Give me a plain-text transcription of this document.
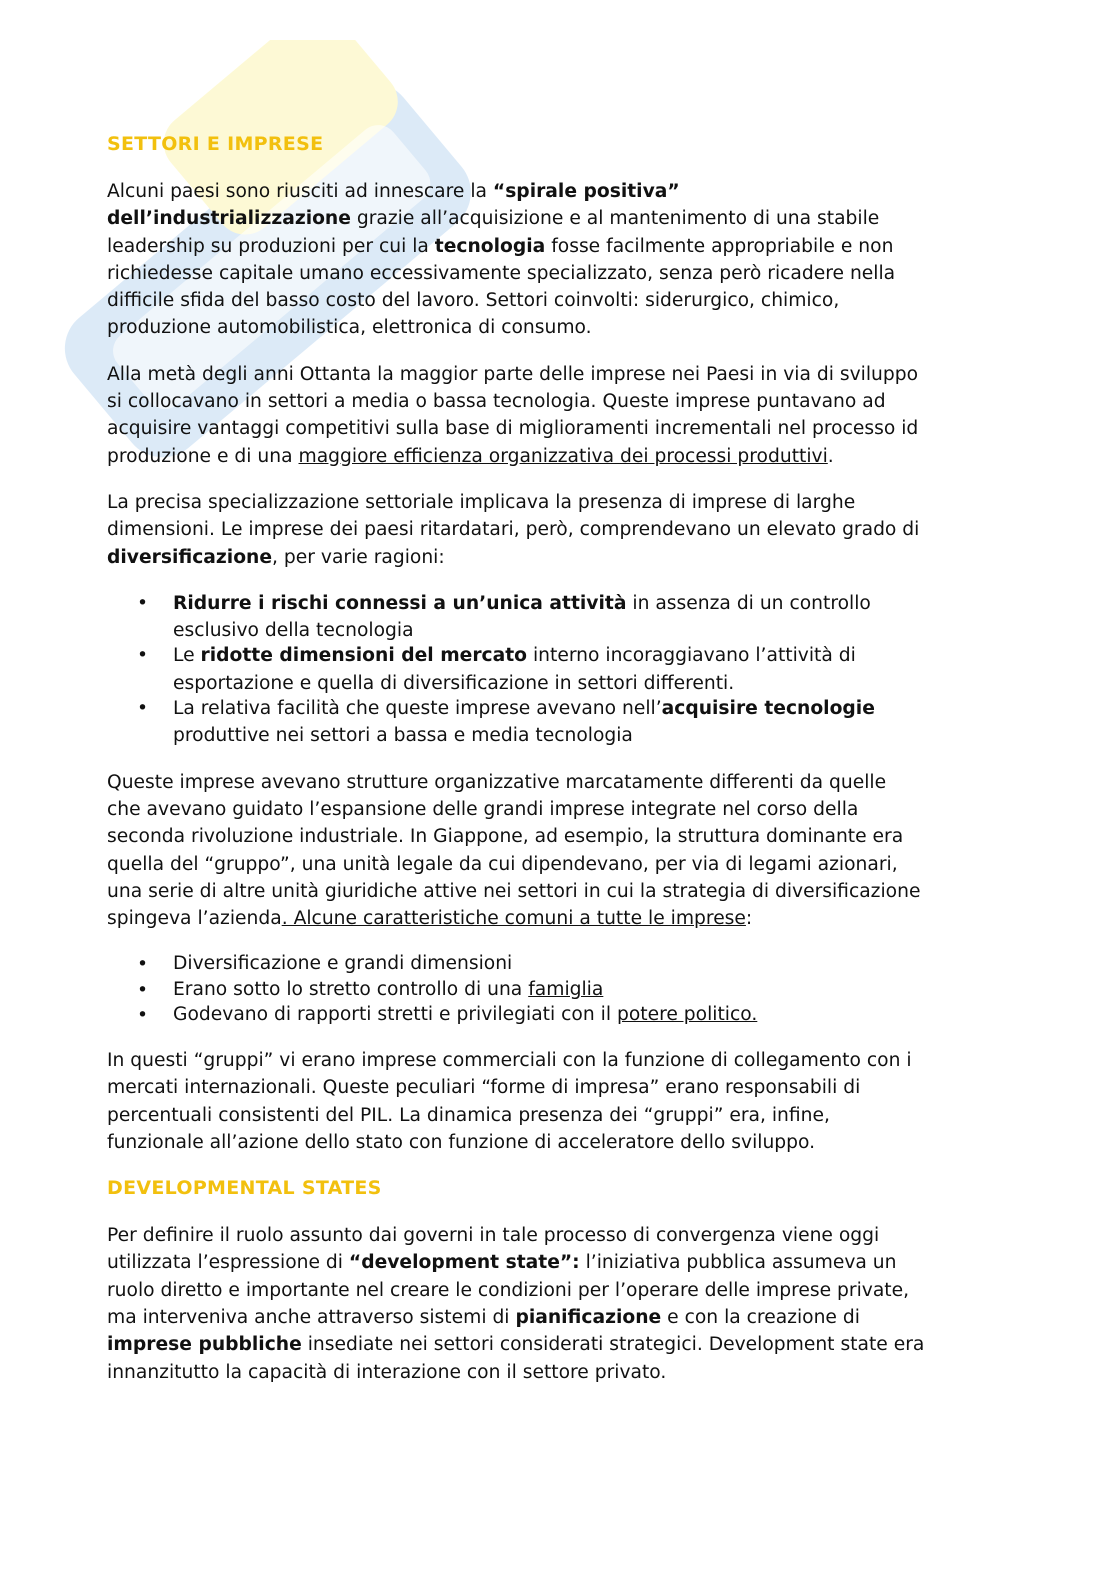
SETTORI E IMPRESE
Alcuni paesi sono riusciti ad innescare la “spirale positiva”
dell’industrializzazione grazie all’acquisizione e al mantenimento di una stabile
leadership su produzioni per cui la tecnologia fosse facilmente appropriabile e non
richiedesse capitale umano eccessivamente specializzato, senza però ricadere nella
difficile sfida del basso costo del lavoro. Settori coinvolti: siderurgico, chimico,
produzione automobilistica, elettronica di consumo.
Alla metà degli anni Ottanta la maggior parte delle imprese nei Paesi in via di sviluppo
si collocavano in settori a media o bassa tecnologia. Queste imprese puntavano ad
acquisire vantaggi competitivi sulla base di miglioramenti incrementali nel processo id
produzione e di una maggiore efficienza organizzativa dei processi produttivi.
La precisa specializzazione settoriale implicava la presenza di imprese di larghe
dimensioni. Le imprese dei paesi ritardatari, però, comprendevano un elevato grado di
diversificazione, per varie ragioni:
• Ridurre i rischi connessi a un’unica attività in assenza di un controllo
esclusivo della tecnologia
• Le ridotte dimensioni del mercato interno incoraggiavano l’attività di
esportazione e quella di diversificazione in settori differenti.
• La relativa facilità che queste imprese avevano nell’acquisire tecnologie
produttive nei settori a bassa e media tecnologia
Queste imprese avevano strutture organizzative marcatamente differenti da quelle
che avevano guidato l’espansione delle grandi imprese integrate nel corso della
seconda rivoluzione industriale. In Giappone, ad esempio, la struttura dominante era
quella del “gruppo”, una unità legale da cui dipendevano, per via di legami azionari,
una serie di altre unità giuridiche attive nei settori in cui la strategia di diversificazione
spingeva l’azienda. Alcune caratteristiche comuni a tutte le imprese:
• Diversificazione e grandi dimensioni
• Erano sotto lo stretto controllo di una famiglia
• Godevano di rapporti stretti e privilegiati con il potere politico.
In questi “gruppi” vi erano imprese commerciali con la funzione di collegamento con i
mercati internazionali. Queste peculiari “forme di impresa” erano responsabili di
percentuali consistenti del PIL. La dinamica presenza dei “gruppi” era, infine,
funzionale all’azione dello stato con funzione di acceleratore dello sviluppo.
DEVELOPMENTAL STATES
Per definire il ruolo assunto dai governi in tale processo di convergenza viene oggi
utilizzata l’espressione di “development state”: l’iniziativa pubblica assumeva un
ruolo diretto e importante nel creare le condizioni per l’operare delle imprese private,
ma interveniva anche attraverso sistemi di pianificazione e con la creazione di
imprese pubbliche insediate nei settori considerati strategici. Development state era
innanzitutto la capacità di interazione con il settore privato.
